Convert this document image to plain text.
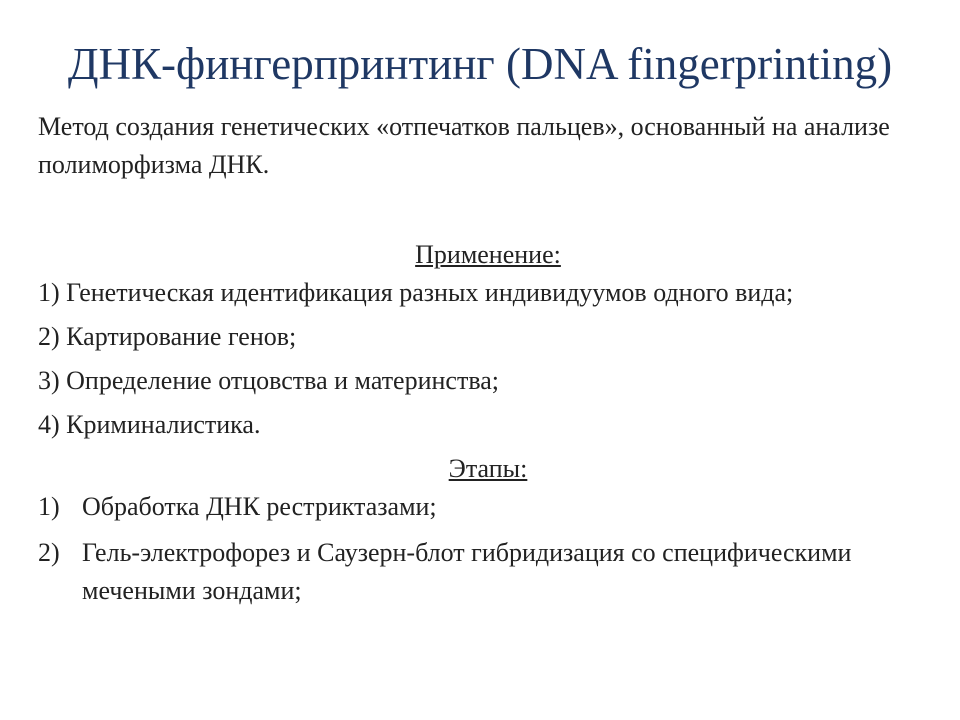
ДНК-фингерпринтинг (DNA fingerprinting)

Метод создания генетических «отпечатков пальцев», основанный на анализе полиморфизма ДНК.

Применение:

1) Генетическая идентификация разных индивидуумов одного вида;
2) Картирование генов;
3) Определение отцовства и материнства;
4) Криминалистика.

Этапы:

1) Обработка ДНК рестриктазами;
2) Гель-электрофорез и Саузерн-блот гибридизация со специфическими мечеными зондами;
